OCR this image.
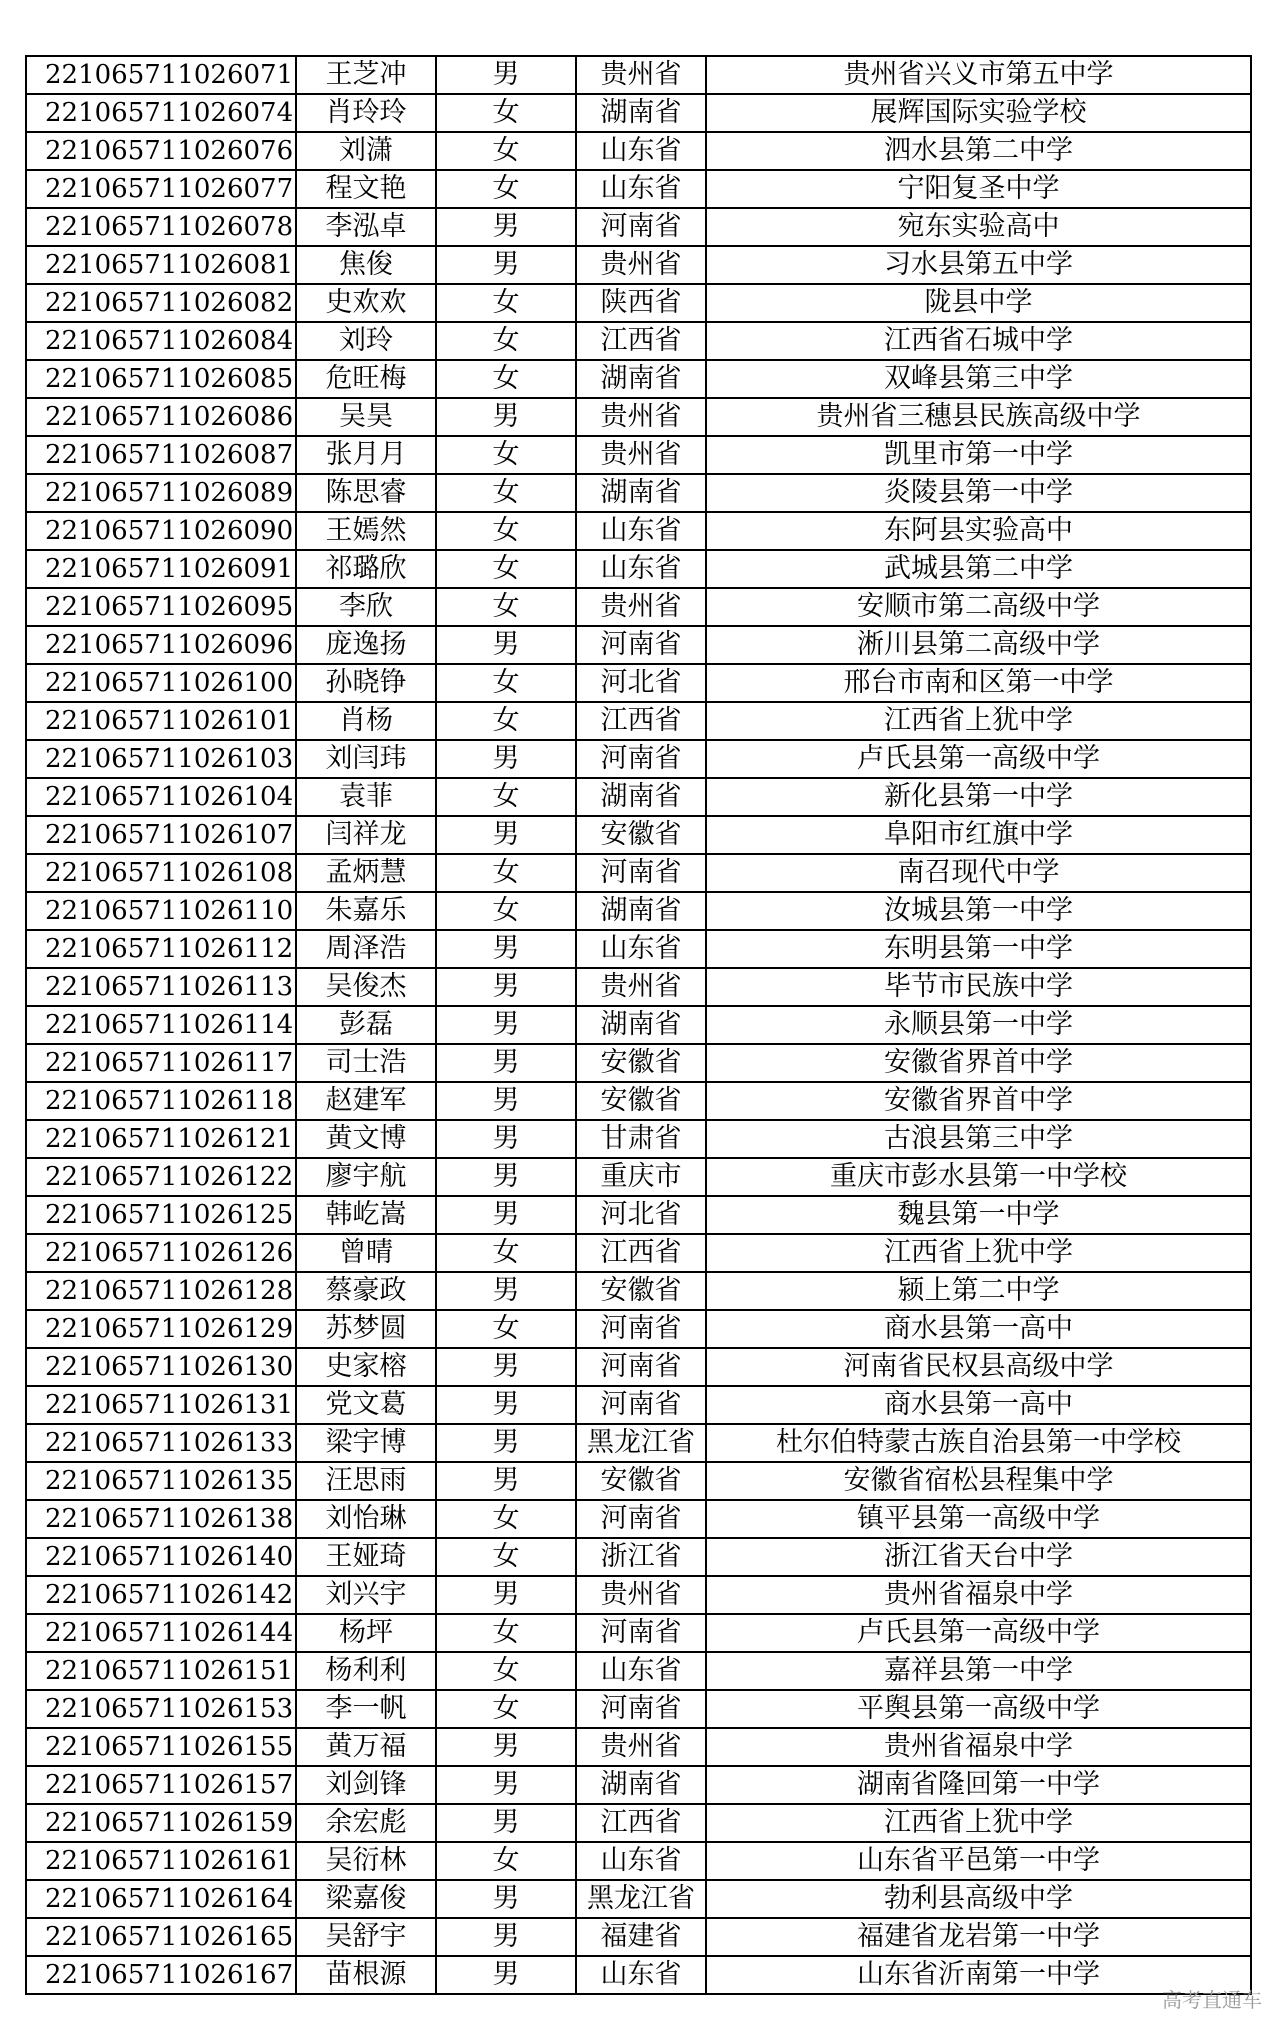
221065711026071	王芝冲	男	贵州省	贵州省兴义市第五中学
221065711026074	肖玲玲	女	湖南省	展辉国际实验学校
221065711026076	刘潇	女	山东省	泗水县第二中学
221065711026077	程文艳	女	山东省	宁阳复圣中学
221065711026078	李泓卓	男	河南省	宛东实验高中
221065711026081	焦俊	男	贵州省	习水县第五中学
221065711026082	史欢欢	女	陕西省	陇县中学
221065711026084	刘玲	女	江西省	江西省石城中学
221065711026085	危旺梅	女	湖南省	双峰县第三中学
221065711026086	吴昊	男	贵州省	贵州省三穗县民族高级中学
221065711026087	张月月	女	贵州省	凯里市第一中学
221065711026089	陈思睿	女	湖南省	炎陵县第一中学
221065711026090	王嫣然	女	山东省	东阿县实验高中
221065711026091	祁璐欣	女	山东省	武城县第二中学
221065711026095	李欣	女	贵州省	安顺市第二高级中学
221065711026096	庞逸扬	男	河南省	淅川县第二高级中学
221065711026100	孙晓铮	女	河北省	邢台市南和区第一中学
221065711026101	肖杨	女	江西省	江西省上犹中学
221065711026103	刘闫玮	男	河南省	卢氏县第一高级中学
221065711026104	袁菲	女	湖南省	新化县第一中学
221065711026107	闫祥龙	男	安徽省	阜阳市红旗中学
221065711026108	孟炳慧	女	河南省	南召现代中学
221065711026110	朱嘉乐	女	湖南省	汝城县第一中学
221065711026112	周泽浩	男	山东省	东明县第一中学
221065711026113	吴俊杰	男	贵州省	毕节市民族中学
221065711026114	彭磊	男	湖南省	永顺县第一中学
221065711026117	司士浩	男	安徽省	安徽省界首中学
221065711026118	赵建军	男	安徽省	安徽省界首中学
221065711026121	黄文博	男	甘肃省	古浪县第三中学
221065711026122	廖宇航	男	重庆市	重庆市彭水县第一中学校
221065711026125	韩屹嵩	男	河北省	魏县第一中学
221065711026126	曾晴	女	江西省	江西省上犹中学
221065711026128	蔡豪政	男	安徽省	颍上第二中学
221065711026129	苏梦圆	女	河南省	商水县第一高中
221065711026130	史家榕	男	河南省	河南省民权县高级中学
221065711026131	党文葛	男	河南省	商水县第一高中
221065711026133	梁宇博	男	黑龙江省	杜尔伯特蒙古族自治县第一中学校
221065711026135	汪思雨	男	安徽省	安徽省宿松县程集中学
221065711026138	刘怡琳	女	河南省	镇平县第一高级中学
221065711026140	王娅琦	女	浙江省	浙江省天台中学
221065711026142	刘兴宇	男	贵州省	贵州省福泉中学
221065711026144	杨坪	女	河南省	卢氏县第一高级中学
221065711026151	杨利利	女	山东省	嘉祥县第一中学
221065711026153	李一帆	女	河南省	平舆县第一高级中学
221065711026155	黄万福	男	贵州省	贵州省福泉中学
221065711026157	刘剑锋	男	湖南省	湖南省隆回第一中学
221065711026159	余宏彪	男	江西省	江西省上犹中学
221065711026161	吴衍林	女	山东省	山东省平邑第一中学
221065711026164	梁嘉俊	男	黑龙江省	勃利县高级中学
221065711026165	吴舒宇	男	福建省	福建省龙岩第一中学
221065711026167	苗根源	男	山东省	山东省沂南第一中学
高考直通车
